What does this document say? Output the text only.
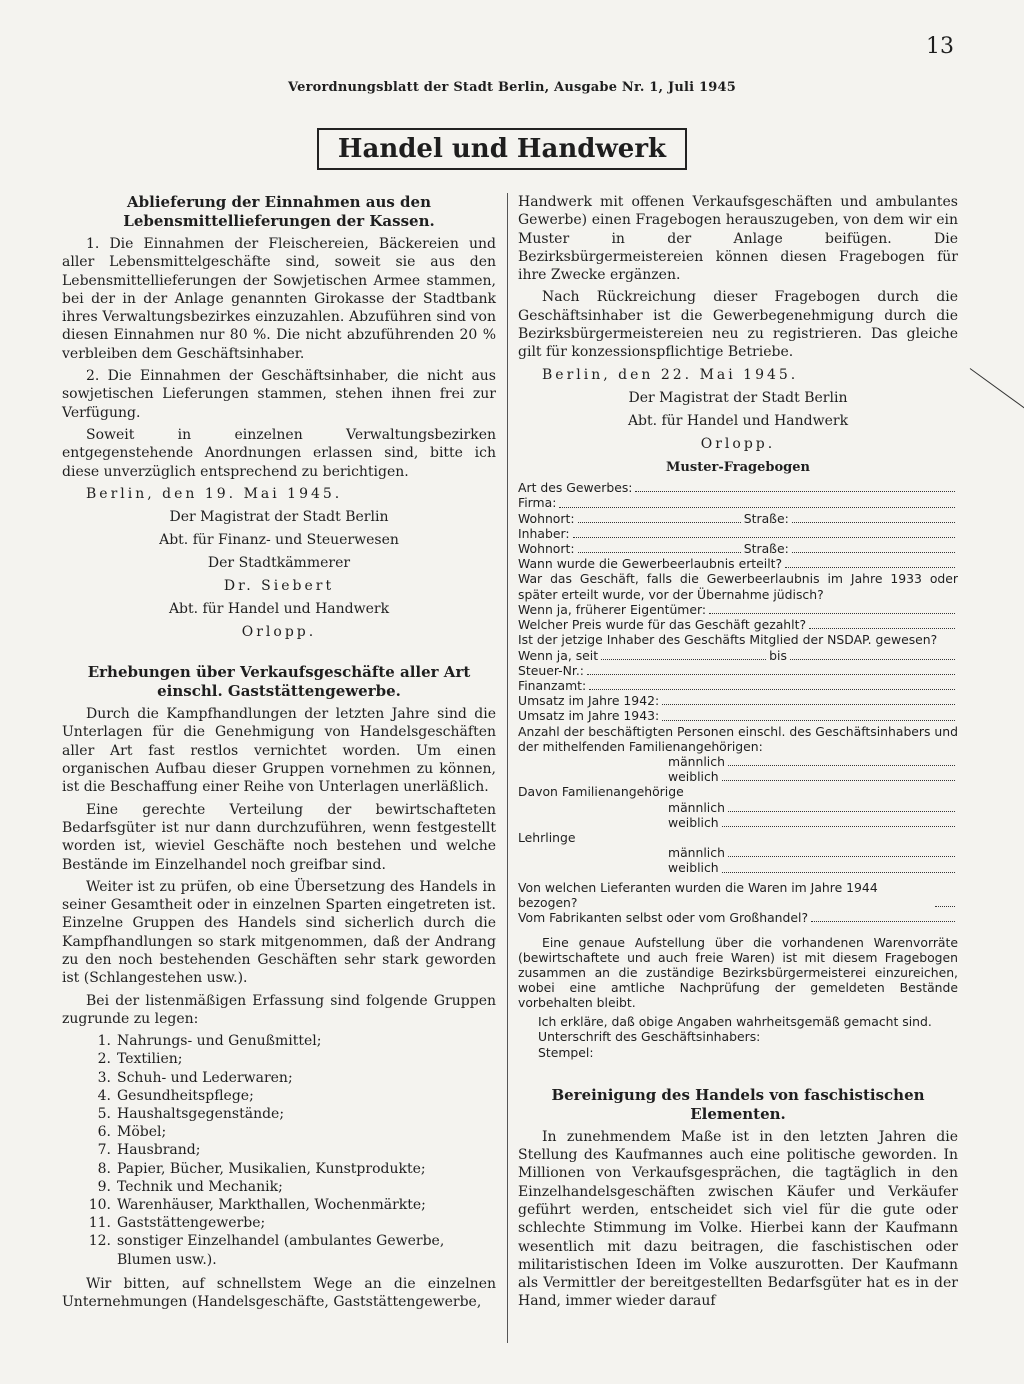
13
Verordnungsblatt der Stadt Berlin, Ausgabe Nr. 1, Juli 1945
Handel und Handwerk
Ablieferung der Einnahmen aus den Lebensmittellieferungen der Kassen.

1. Die Einnahmen der Fleischereien, Bäckereien und aller Lebensmittelgeschäfte sind, soweit sie aus den Lebensmittellieferungen der Sowjetischen Armee stammen, bei der in der Anlage genannten Girokasse der Stadtbank ihres Verwaltungsbezirkes einzuzahlen. Abzuführen sind von diesen Einnahmen nur 80 %. Die nicht abzuführenden 20 % verbleiben dem Geschäftsinhaber.

2. Die Einnahmen der Geschäftsinhaber, die nicht aus sowjetischen Lieferungen stammen, stehen ihnen frei zur Verfügung.

Soweit in einzelnen Verwaltungsbezirken entgegenstehende Anordnungen erlassen sind, bitte ich diese unverzüglich entsprechend zu berichtigen.

Berlin, den 19. Mai 1945.

Der Magistrat der Stadt Berlin
Abt. für Finanz- und Steuerwesen
Der Stadtkämmerer
Dr. Siebert
Abt. für Handel und Handwerk
Orlopp.
Erhebungen über Verkaufsgeschäfte aller Art einschl. Gaststättengewerbe.

Durch die Kampfhandlungen der letzten Jahre sind die Unterlagen für die Genehmigung von Handelsgeschäften aller Art fast restlos vernichtet worden. Um einen organischen Aufbau dieser Gruppen vornehmen zu können, ist die Beschaffung einer Reihe von Unterlagen unerläßlich.

Eine gerechte Verteilung der bewirtschafteten Bedarfsgüter ist nur dann durchzuführen, wenn festgestellt worden ist, wieviel Geschäfte noch bestehen und welche Bestände im Einzelhandel noch greifbar sind.

Weiter ist zu prüfen, ob eine Übersetzung des Handels in seiner Gesamtheit oder in einzelnen Sparten eingetreten ist. Einzelne Gruppen des Handels sind sicherlich durch die Kampfhandlungen so stark mitgenommen, daß der Andrang zu den noch bestehenden Geschäften sehr stark geworden ist (Schlangestehen usw.).

Bei der listenmäßigen Erfassung sind folgende Gruppen zugrunde zu legen:

1. Nahrungs- und Genußmittel;
2. Textilien;
3. Schuh- und Lederwaren;
4. Gesundheitspflege;
5. Haushaltsgegenstände;
6. Möbel;
7. Hausbrand;
8. Papier, Bücher, Musikalien, Kunstprodukte;
9. Technik und Mechanik;
10. Warenhäuser, Markthallen, Wochenmärkte;
11. Gaststättengewerbe;
12. sonstiger Einzelhandel (ambulantes Gewerbe, Blumen usw.).

Wir bitten, auf schnellstem Wege an die einzelnen Unternehmungen (Handelsgeschäfte, Gaststättengewerbe,

Handwerk mit offenen Verkaufsgeschäften und ambulantes Gewerbe) einen Fragebogen herauszugeben, von dem wir ein Muster in der Anlage beifügen. Die Bezirksbürgermeistereien können diesen Fragebogen für ihre Zwecke ergänzen.

Nach Rückreichung dieser Fragebogen durch die Geschäftsinhaber ist die Gewerbegenehmigung durch die Bezirksbürgermeistereien neu zu registrieren. Das gleiche gilt für konzessionspflichtige Betriebe.

Berlin, den 22. Mai 1945.

Der Magistrat der Stadt Berlin
Abt. für Handel und Handwerk
Orlopp.
Muster-Fragebogen
Art des Gewerbes:
Firma:
Wohnort:	Straße:
Inhaber:
Wohnort:	Straße:
Wann wurde die Gewerbeerlaubnis erteilt?
War das Geschäft, falls die Gewerbeerlaubnis im Jahre 1933 oder später erteilt wurde, vor der Übernahme jüdisch?
Wenn ja, früherer Eigentümer:
Welcher Preis wurde für das Geschäft gezahlt?
Ist der jetzige Inhaber des Geschäfts Mitglied der NSDAP. gewesen?
Wenn ja, seit	bis
Steuer-Nr.:
Finanzamt:
Umsatz im Jahre 1942:
Umsatz im Jahre 1943:
Anzahl der beschäftigten Personen einschl. des Geschäftsinhabers und der mithelfenden Familienangehörigen:
männlich
weiblich
Davon Familienangehörige
männlich
weiblich
Lehrlinge
männlich
weiblich
Von welchen Lieferanten wurden die Waren im Jahre 1944 bezogen?
Vom Fabrikanten selbst oder vom Großhandel?

Eine genaue Aufstellung über die vorhandenen Warenvorräte (bewirtschaftete und auch freie Waren) ist mit diesem Fragebogen zusammen an die zuständige Bezirksbürgermeisterei einzureichen, wobei eine amtliche Nachprüfung der gemeldeten Bestände vorbehalten bleibt.

Ich erkläre, daß obige Angaben wahrheitsgemäß gemacht sind.
Unterschrift des Geschäftsinhabers:
Stempel:
Bereinigung des Handels von faschistischen Elementen.

In zunehmendem Maße ist in den letzten Jahren die Stellung des Kaufmannes auch eine politische geworden. In Millionen von Verkaufsgesprächen, die tagtäglich in den Einzelhandelsgeschäften zwischen Käufer und Verkäufer geführt werden, entscheidet sich viel für die gute oder schlechte Stimmung im Volke. Hierbei kann der Kaufmann wesentlich mit dazu beitragen, die faschistischen oder militaristischen Ideen im Volke auszurotten. Der Kaufmann als Vermittler der bereitgestellten Bedarfsgüter hat es in der Hand, immer wieder darauf
